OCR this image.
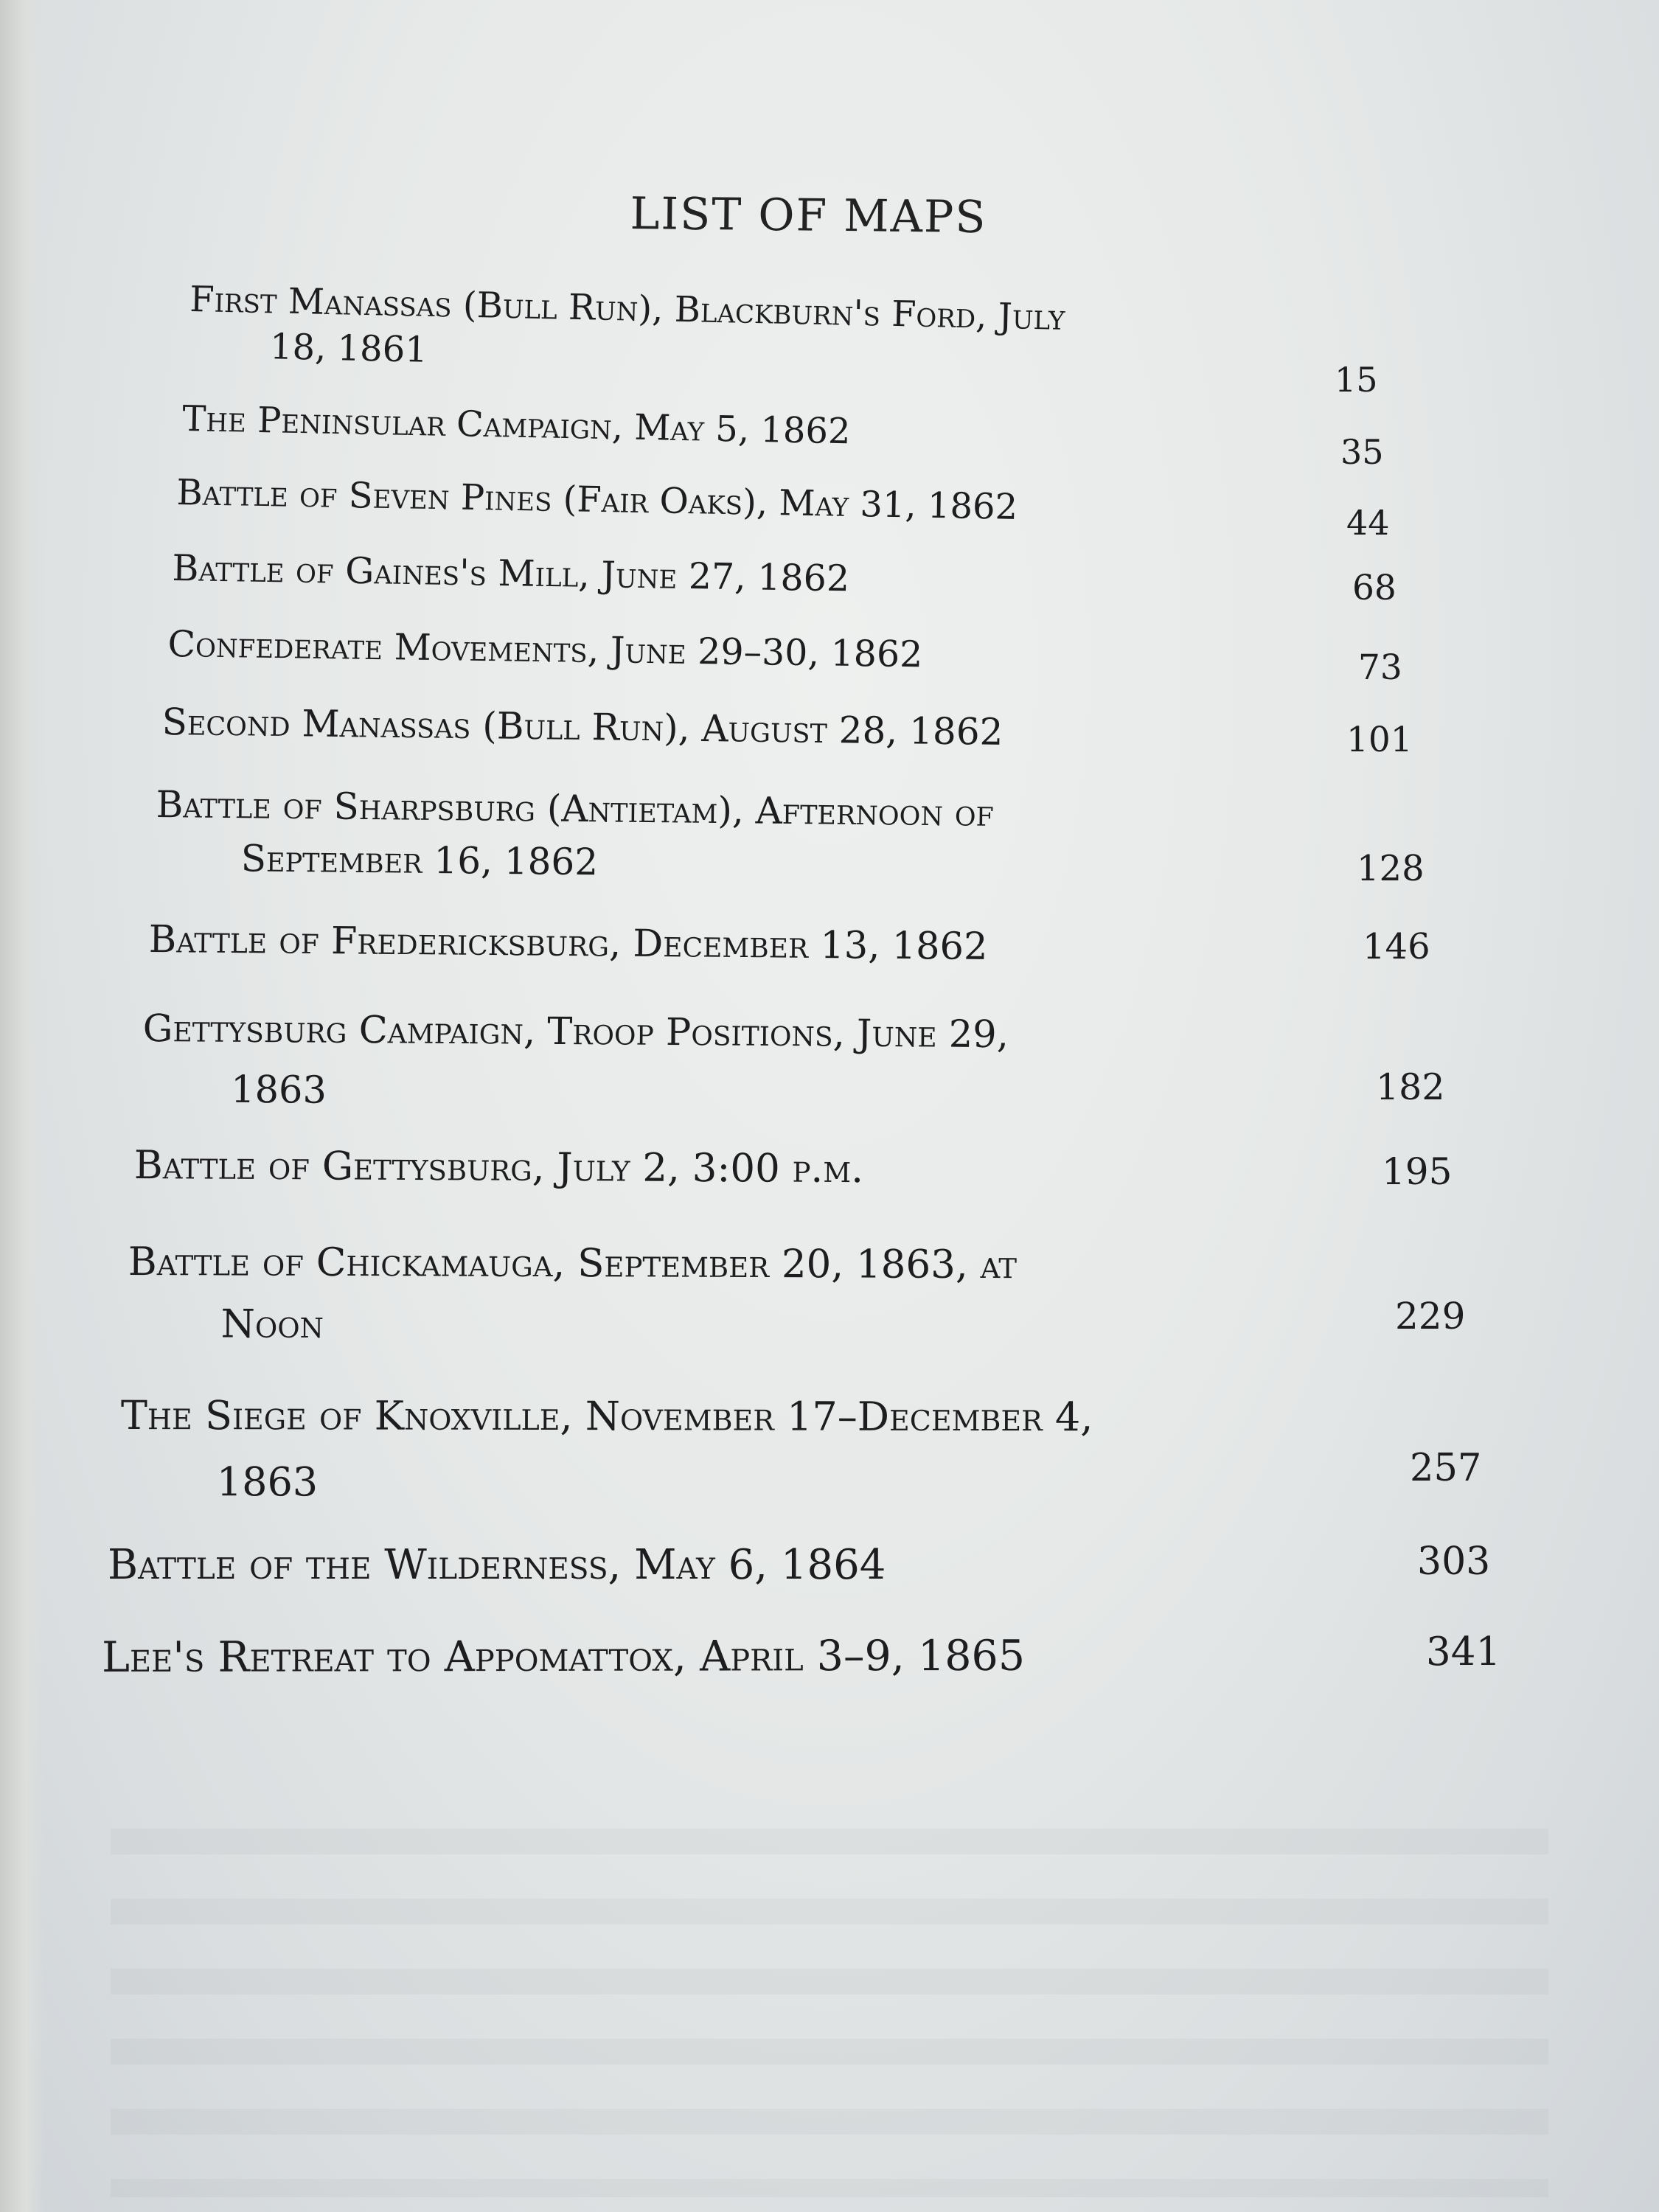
LIST OF MAPS
First Manassas (Bull Run), Blackburn's Ford, July
18, 1861
15
The Peninsular Campaign, May 5, 1862	35
Battle of Seven Pines (Fair Oaks), May 31, 1862	44
Battle of Gaines's Mill, June 27, 1862	68
Confederate Movements, June 29–30, 1862	73
Second Manassas (Bull Run), August 28, 1862	101
Battle of Sharpsburg (Antietam), Afternoon of
September 16, 1862	128
Battle of Fredericksburg, December 13, 1862	146
Gettysburg Campaign, Troop Positions, June 29,
1863	182
Battle of Gettysburg, July 2, 3:00 p.m.	195
Battle of Chickamauga, September 20, 1863, at
Noon	229
The Siege of Knoxville, November 17–December 4,
1863	257
Battle of the Wilderness, May 6, 1864	303
Lee's Retreat to Appomattox, April 3–9, 1865	341
